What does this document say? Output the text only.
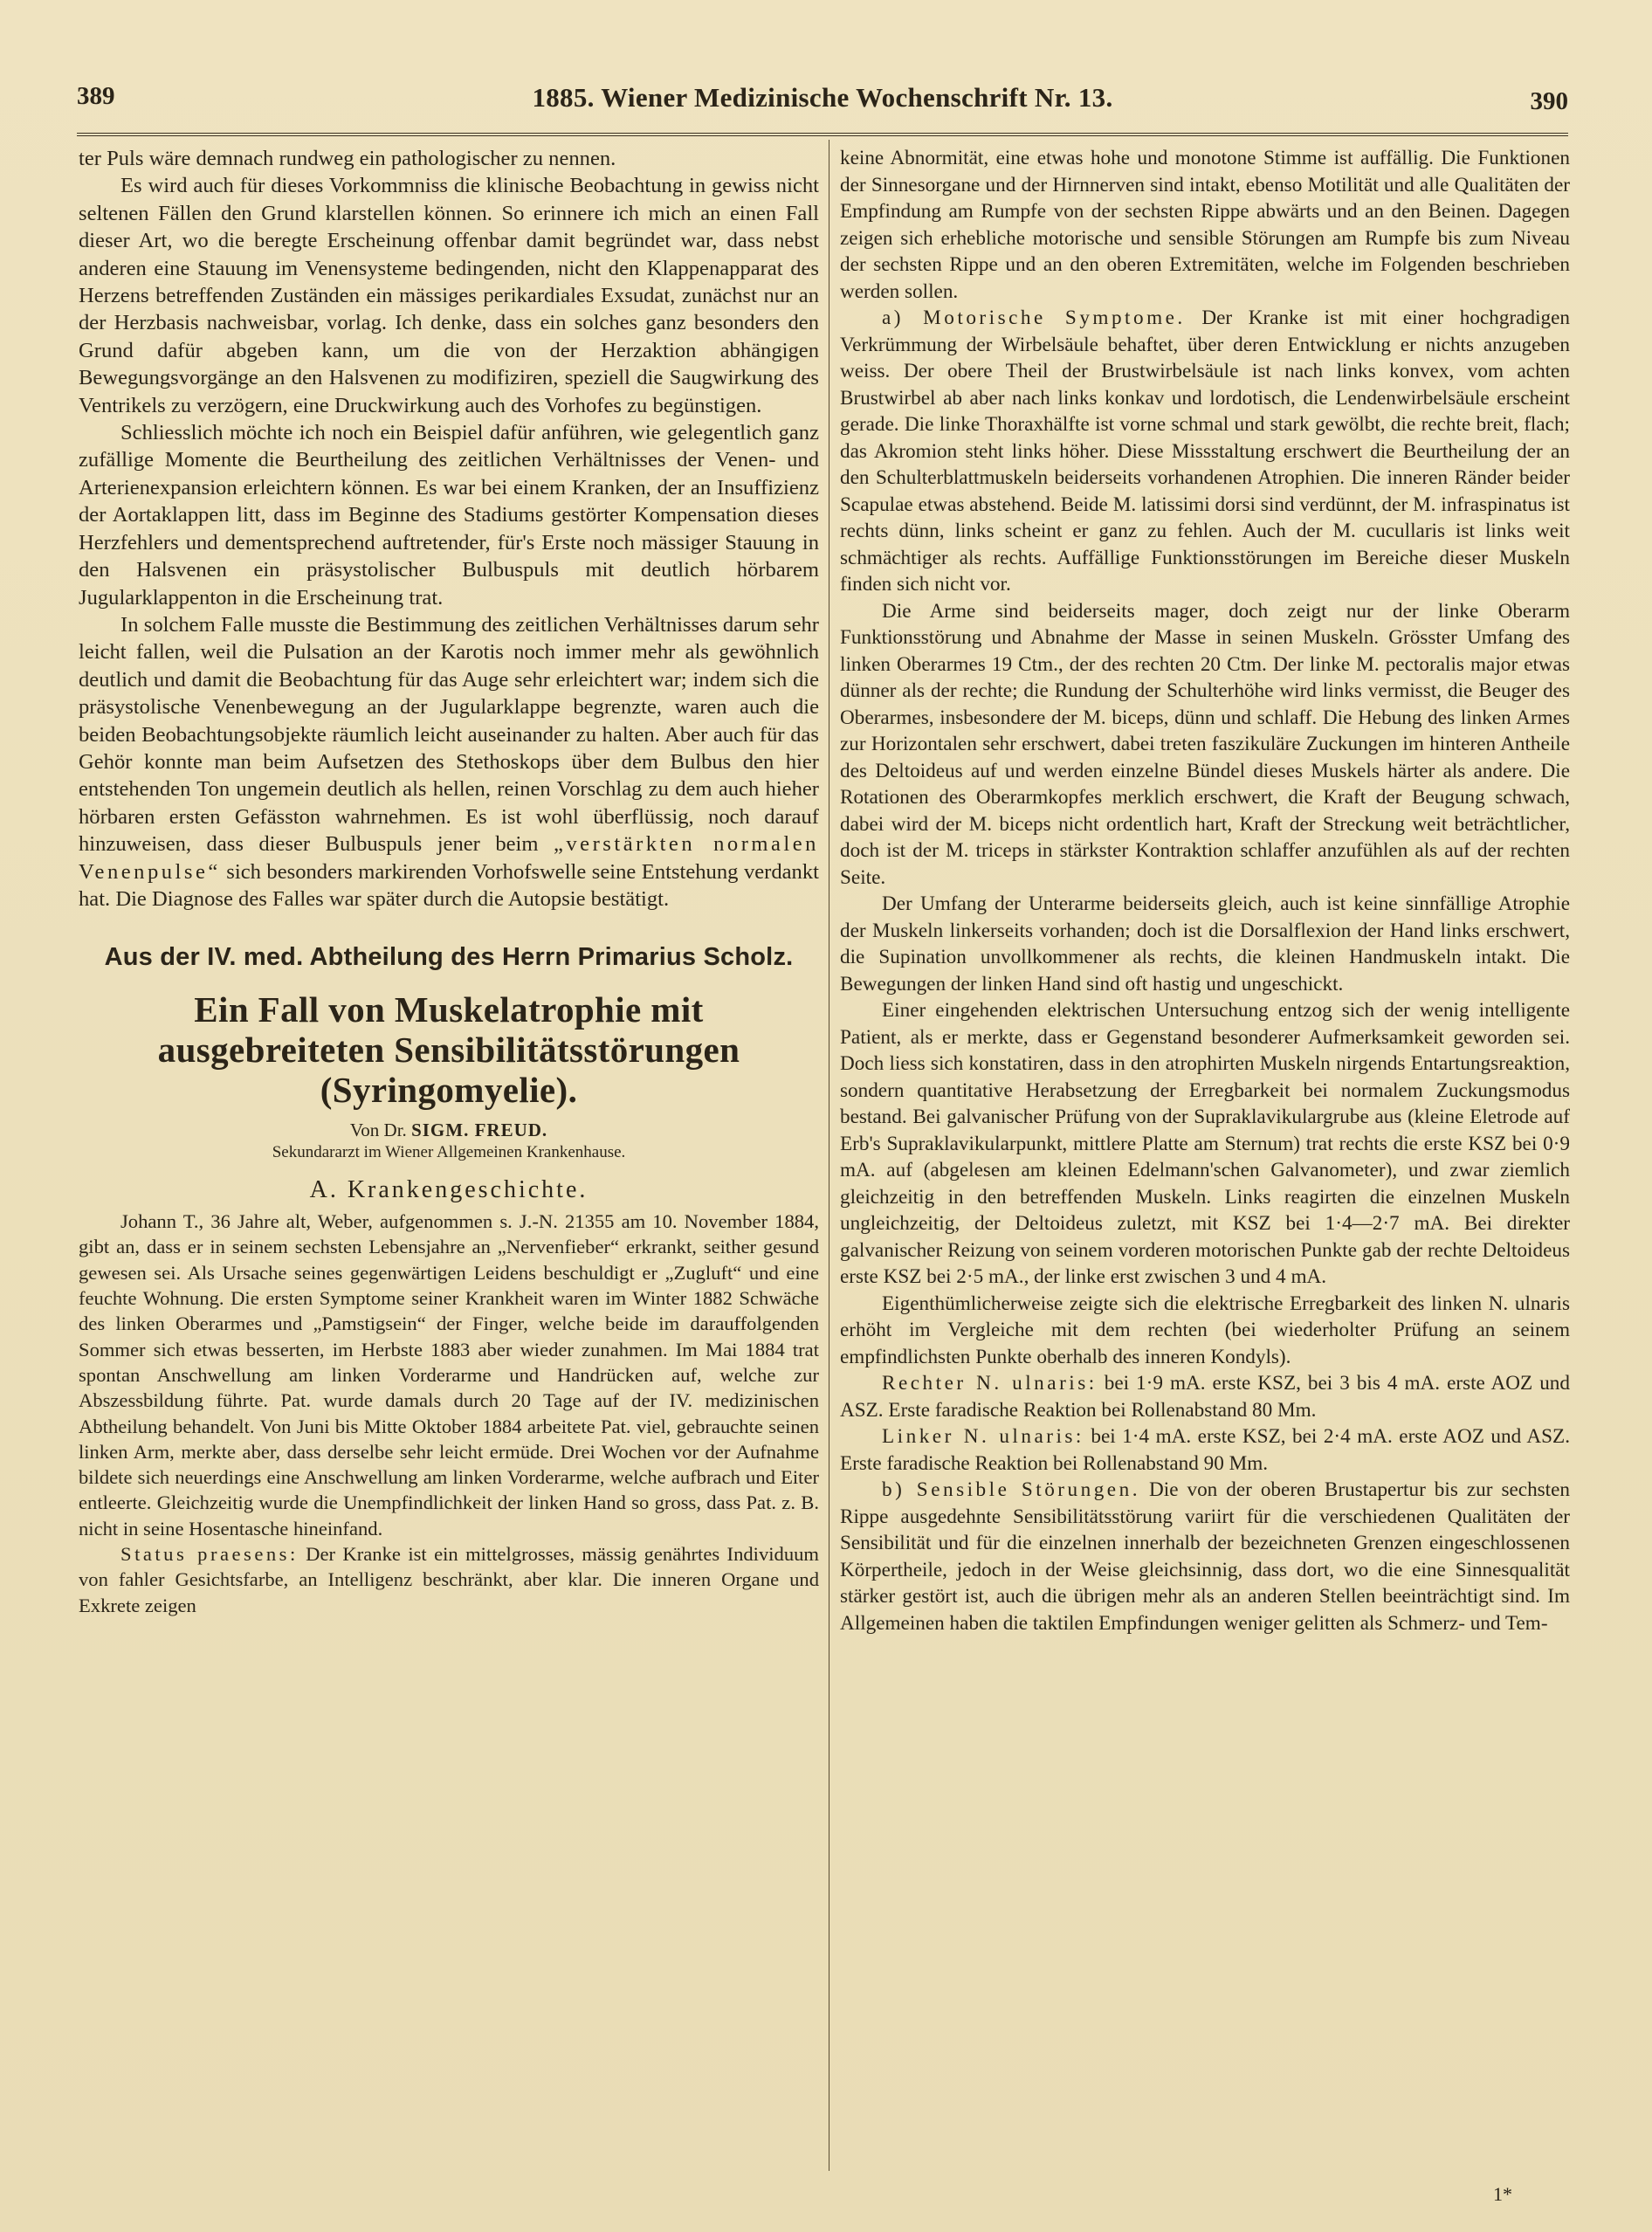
389	1885. Wiener Medizinische Wochenschrift Nr. 13.	390

ter Puls wäre demnach rundweg ein pathologischer zu nennen.

Es wird auch für dieses Vorkommniss die klinische Beobachtung in gewiss nicht seltenen Fällen den Grund klarstellen können. So erinnere ich mich an einen Fall dieser Art, wo die beregte Erscheinung offenbar damit begründet war, dass nebst anderen eine Stauung im Venensysteme bedingenden, nicht den Klappenapparat des Herzens betreffenden Zuständen ein mässiges perikardiales Exsudat, zunächst nur an der Herzbasis nachweisbar, vorlag. Ich denke, dass ein solches ganz besonders den Grund dafür abgeben kann, um die von der Herzaktion abhängigen Bewegungsvorgänge an den Halsvenen zu modifiziren, speziell die Saugwirkung des Ventrikels zu verzögern, eine Druckwirkung auch des Vorhofes zu begünstigen.

Schliesslich möchte ich noch ein Beispiel dafür anführen, wie gelegentlich ganz zufällige Momente die Beurtheilung des zeitlichen Verhältnisses der Venen- und Arterienexpansion erleichtern können. Es war bei einem Kranken, der an Insuffizienz der Aortaklappen litt, dass im Beginne des Stadiums gestörter Kompensation dieses Herzfehlers und dementsprechend auftretender, für's Erste noch mässiger Stauung in den Halsvenen ein präsystolischer Bulbuspuls mit deutlich hörbarem Jugularklappenton in die Erscheinung trat.

In solchem Falle musste die Bestimmung des zeitlichen Verhältnisses darum sehr leicht fallen, weil die Pulsation an der Karotis noch immer mehr als gewöhnlich deutlich und damit die Beobachtung für das Auge sehr erleichtert war; indem sich die präsystolische Venenbewegung an der Jugularklappe begrenzte, waren auch die beiden Beobachtungsobjekte räumlich leicht auseinander zu halten. Aber auch für das Gehör konnte man beim Aufsetzen des Stethoskops über dem Bulbus den hier entstehenden Ton ungemein deutlich als hellen, reinen Vorschlag zu dem auch hieher hörbaren ersten Gefässton wahrnehmen. Es ist wohl überflüssig, noch darauf hinzuweisen, dass dieser Bulbuspuls jener beim „verstärkten normalen Venenpulse“ sich besonders markirenden Vorhofswelle seine Entstehung verdankt hat. Die Diagnose des Falles war später durch die Autopsie bestätigt.

Aus der IV. med. Abtheilung des Herrn Primarius Scholz.
Ein Fall von Muskelatrophie mit ausgebreiteten Sensibilitätsstörungen (Syringomyelie).
Von Dr. SIGM. FREUD.
Sekundararzt im Wiener Allgemeinen Krankenhause.
A. Krankengeschichte.

Johann T., 36 Jahre alt, Weber, aufgenommen s. J.-N. 21355 am 10. November 1884, gibt an, dass er in seinem sechsten Lebensjahre an „Nervenfieber“ erkrankt, seither gesund gewesen sei. Als Ursache seines gegenwärtigen Leidens beschuldigt er „Zugluft“ und eine feuchte Wohnung. Die ersten Symptome seiner Krankheit waren im Winter 1882 Schwäche des linken Oberarmes und „Pamstigsein“ der Finger, welche beide im darauffolgenden Sommer sich etwas besserten, im Herbste 1883 aber wieder zunahmen. Im Mai 1884 trat spontan Anschwellung am linken Vorderarme und Handrücken auf, welche zur Abszessbildung führte. Pat. wurde damals durch 20 Tage auf der IV. medizinischen Abtheilung behandelt. Von Juni bis Mitte Oktober 1884 arbeitete Pat. viel, gebrauchte seinen linken Arm, merkte aber, dass derselbe sehr leicht ermüde. Drei Wochen vor der Aufnahme bildete sich neuerdings eine Anschwellung am linken Vorderarme, welche aufbrach und Eiter entleerte. Gleichzeitig wurde die Unempfindlichkeit der linken Hand so gross, dass Pat. z. B. nicht in seine Hosentasche hineinfand.

Status praesens: Der Kranke ist ein mittelgrosses, mässig genährtes Individuum von fahler Gesichtsfarbe, an Intelligenz beschränkt, aber klar. Die inneren Organe und Exkrete zeigen

keine Abnormität, eine etwas hohe und monotone Stimme ist auffällig. Die Funktionen der Sinnesorgane und der Hirnnerven sind intakt, ebenso Motilität und alle Qualitäten der Empfindung am Rumpfe von der sechsten Rippe abwärts und an den Beinen. Dagegen zeigen sich erhebliche motorische und sensible Störungen am Rumpfe bis zum Niveau der sechsten Rippe und an den oberen Extremitäten, welche im Folgenden beschrieben werden sollen.

a) Motorische Symptome. Der Kranke ist mit einer hochgradigen Verkrümmung der Wirbelsäule behaftet, über deren Entwicklung er nichts anzugeben weiss. Der obere Theil der Brustwirbelsäule ist nach links konvex, vom achten Brustwirbel ab aber nach links konkav und lordotisch, die Lendenwirbelsäule erscheint gerade. Die linke Thoraxhälfte ist vorne schmal und stark gewölbt, die rechte breit, flach; das Akromion steht links höher. Diese Missstaltung erschwert die Beurtheilung der an den Schulterblattmuskeln beiderseits vorhandenen Atrophien. Die inneren Ränder beider Scapulae etwas abstehend. Beide M. latissimi dorsi sind verdünnt, der M. infraspinatus ist rechts dünn, links scheint er ganz zu fehlen. Auch der M. cucullaris ist links weit schmächtiger als rechts. Auffällige Funktionsstörungen im Bereiche dieser Muskeln finden sich nicht vor.

Die Arme sind beiderseits mager, doch zeigt nur der linke Oberarm Funktionsstörung und Abnahme der Masse in seinen Muskeln. Grösster Umfang des linken Oberarmes 19 Ctm., der des rechten 20 Ctm. Der linke M. pectoralis major etwas dünner als der rechte; die Rundung der Schulterhöhe wird links vermisst, die Beuger des Oberarmes, insbesondere der M. biceps, dünn und schlaff. Die Hebung des linken Armes zur Horizontalen sehr erschwert, dabei treten faszikuläre Zuckungen im hinteren Antheile des Deltoideus auf und werden einzelne Bündel dieses Muskels härter als andere. Die Rotationen des Oberarmkopfes merklich erschwert, die Kraft der Beugung schwach, dabei wird der M. biceps nicht ordentlich hart, Kraft der Streckung weit beträchtlicher, doch ist der M. triceps in stärkster Kontraktion schlaffer anzufühlen als auf der rechten Seite.

Der Umfang der Unterarme beiderseits gleich, auch ist keine sinnfällige Atrophie der Muskeln linkerseits vorhanden; doch ist die Dorsalflexion der Hand links erschwert, die Supination unvollkommener als rechts, die kleinen Handmuskeln intakt. Die Bewegungen der linken Hand sind oft hastig und ungeschickt.

Einer eingehenden elektrischen Untersuchung entzog sich der wenig intelligente Patient, als er merkte, dass er Gegenstand besonderer Aufmerksamkeit geworden sei. Doch liess sich konstatiren, dass in den atrophirten Muskeln nirgends Entartungsreaktion, sondern quantitative Herabsetzung der Erregbarkeit bei normalem Zuckungsmodus bestand. Bei galvanischer Prüfung von der Supraklavikulargrube aus (kleine Eletrode auf Erb's Supraklavikularpunkt, mittlere Platte am Sternum) trat rechts die erste KSZ bei 0·9 mA. auf (abgelesen am kleinen Edelmann'schen Galvanometer), und zwar ziemlich gleichzeitig in den betreffenden Muskeln. Links reagirten die einzelnen Muskeln ungleichzeitig, der Deltoideus zuletzt, mit KSZ bei 1·4—2·7 mA. Bei direkter galvanischer Reizung von seinem vorderen motorischen Punkte gab der rechte Deltoideus erste KSZ bei 2·5 mA., der linke erst zwischen 3 und 4 mA.

Eigenthümlicherweise zeigte sich die elektrische Erregbarkeit des linken N. ulnaris erhöht im Vergleiche mit dem rechten (bei wiederholter Prüfung an seinem empfindlichsten Punkte oberhalb des inneren Kondyls).

Rechter N. ulnaris: bei 1·9 mA. erste KSZ, bei 3 bis 4 mA. erste AOZ und ASZ. Erste faradische Reaktion bei Rollenabstand 80 Mm.

Linker N. ulnaris: bei 1·4 mA. erste KSZ, bei 2·4 mA. erste AOZ und ASZ. Erste faradische Reaktion bei Rollenabstand 90 Mm.

b) Sensible Störungen. Die von der oberen Brustapertur bis zur sechsten Rippe ausgedehnte Sensibilitätsstörung variirt für die verschiedenen Qualitäten der Sensibilität und für die einzelnen innerhalb der bezeichneten Grenzen eingeschlossenen Körpertheile, jedoch in der Weise gleichsinnig, dass dort, wo die eine Sinnesqualität stärker gestört ist, auch die übrigen mehr als an anderen Stellen beeinträchtigt sind. Im Allgemeinen haben die taktilen Empfindungen weniger gelitten als Schmerz- und Tem-

1*
